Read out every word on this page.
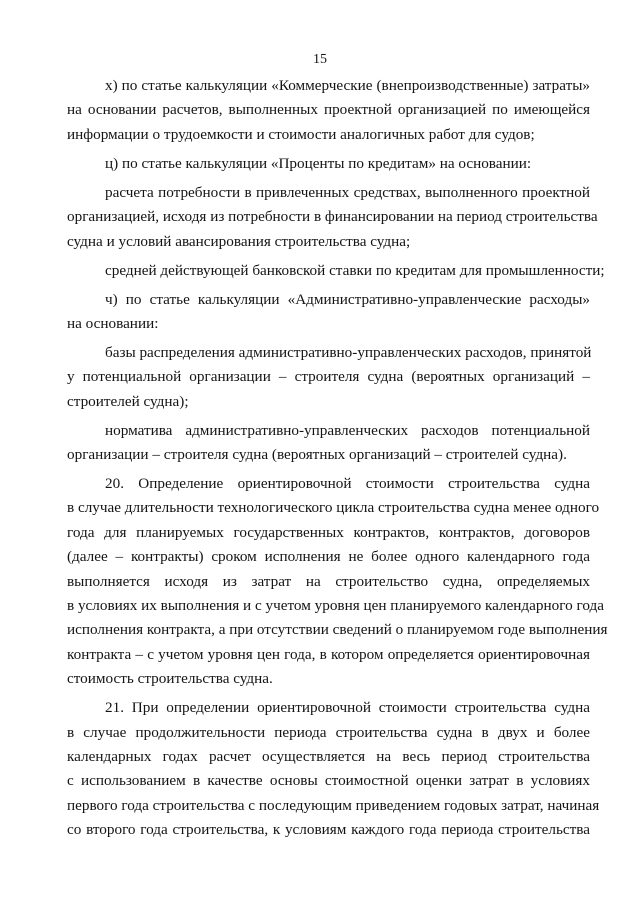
15
х) по статье калькуляции «Коммерческие (внепроизводственные) затраты»
на основании расчетов, выполненных проектной организацией по имеющейся
информации о трудоемкости и стоимости аналогичных работ для судов;
ц) по статье калькуляции «Проценты по кредитам» на основании:
расчета потребности в привлеченных средствах, выполненного проектной
организацией, исходя из потребности в финансировании на период строительства
судна и условий авансирования строительства судна;
средней действующей банковской ставки по кредитам для промышленности;
ч) по статье калькуляции «Административно-управленческие расходы»
на основании:
базы распределения административно-управленческих расходов, принятой
у потенциальной организации – строителя судна (вероятных организаций –
строителей судна);
норматива административно-управленческих расходов потенциальной
организации – строителя судна (вероятных организаций – строителей судна).
20. Определение ориентировочной стоимости строительства судна
в случае длительности технологического цикла строительства судна менее одного
года для планируемых государственных контрактов, контрактов, договоров
(далее – контракты) сроком исполнения не более одного календарного года
выполняется исходя из затрат на строительство судна, определяемых
в условиях их выполнения и с учетом уровня цен планируемого календарного года
исполнения контракта, а при отсутствии сведений о планируемом годе выполнения
контракта – с учетом уровня цен года, в котором определяется ориентировочная
стоимость строительства судна.
21. При определении ориентировочной стоимости строительства судна
в случае продолжительности периода строительства судна в двух и более
календарных годах расчет осуществляется на весь период строительства
с использованием в качестве основы стоимостной оценки затрат в условиях
первого года строительства с последующим приведением годовых затрат, начиная
со второго года строительства, к условиям каждого года периода строительства
